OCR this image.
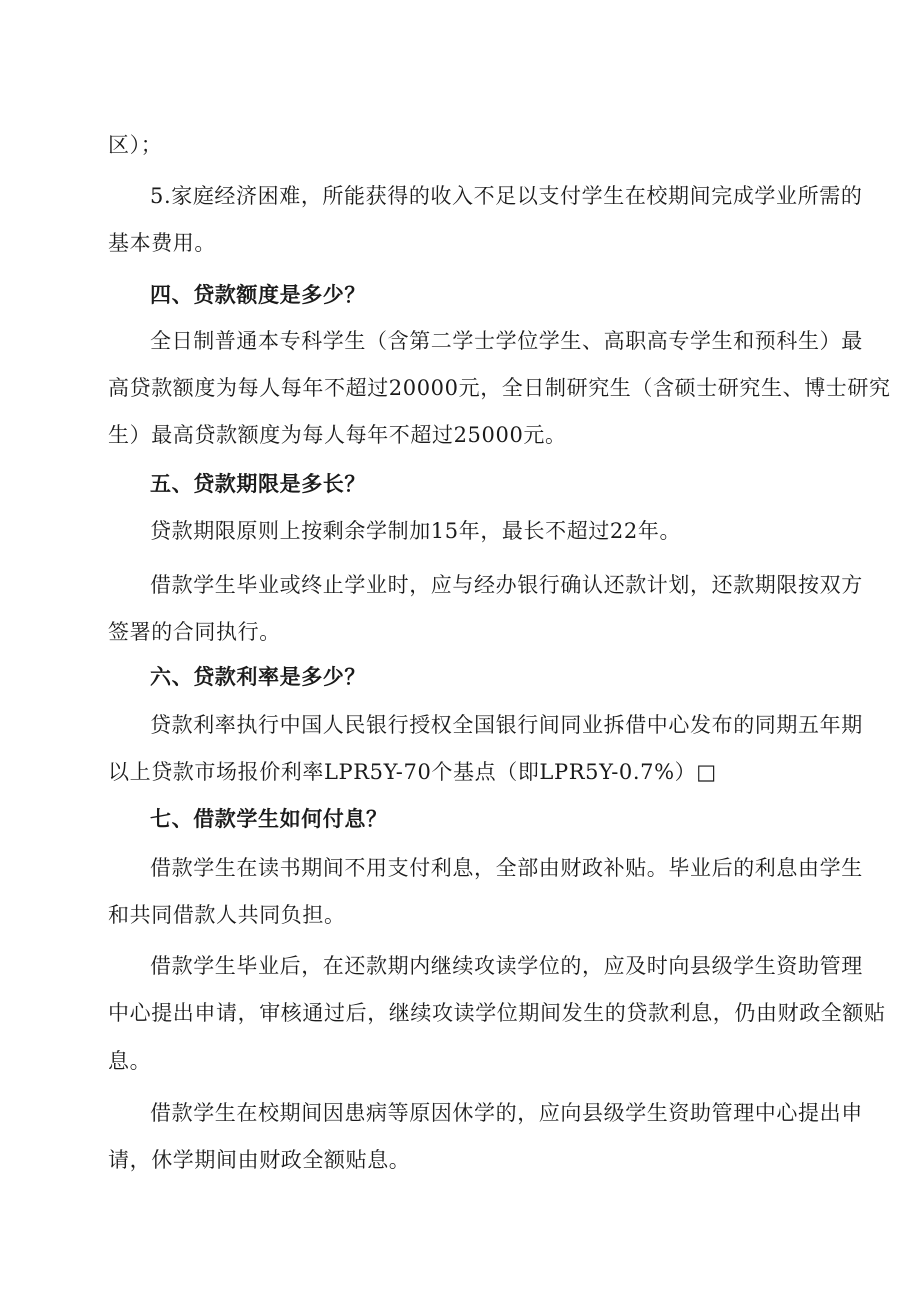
区）；
5.家庭经济困难，所能获得的收入不足以支付学生在校期间完成学业所需的
基本费用。
四、贷款额度是多少？
全日制普通本专科学生（含第二学士学位学生、高职高专学生和预科生）最
高贷款额度为每人每年不超过20000元，全日制研究生（含硕士研究生、博士研究
生）最高贷款额度为每人每年不超过25000元。
五、贷款期限是多长？
贷款期限原则上按剩余学制加15年，最长不超过22年。
借款学生毕业或终止学业时，应与经办银行确认还款计划，还款期限按双方
签署的合同执行。
六、贷款利率是多少？
贷款利率执行中国人民银行授权全国银行间同业拆借中心发布的同期五年期
以上贷款市场报价利率LPR5Y-70个基点（即LPR5Y-0.7%）□
七、借款学生如何付息？
借款学生在读书期间不用支付利息，全部由财政补贴。毕业后的利息由学生
和共同借款人共同负担。
借款学生毕业后，在还款期内继续攻读学位的，应及时向县级学生资助管理
中心提出申请，审核通过后，继续攻读学位期间发生的贷款利息，仍由财政全额贴
息。
借款学生在校期间因患病等原因休学的，应向县级学生资助管理中心提出申
请，休学期间由财政全额贴息。
